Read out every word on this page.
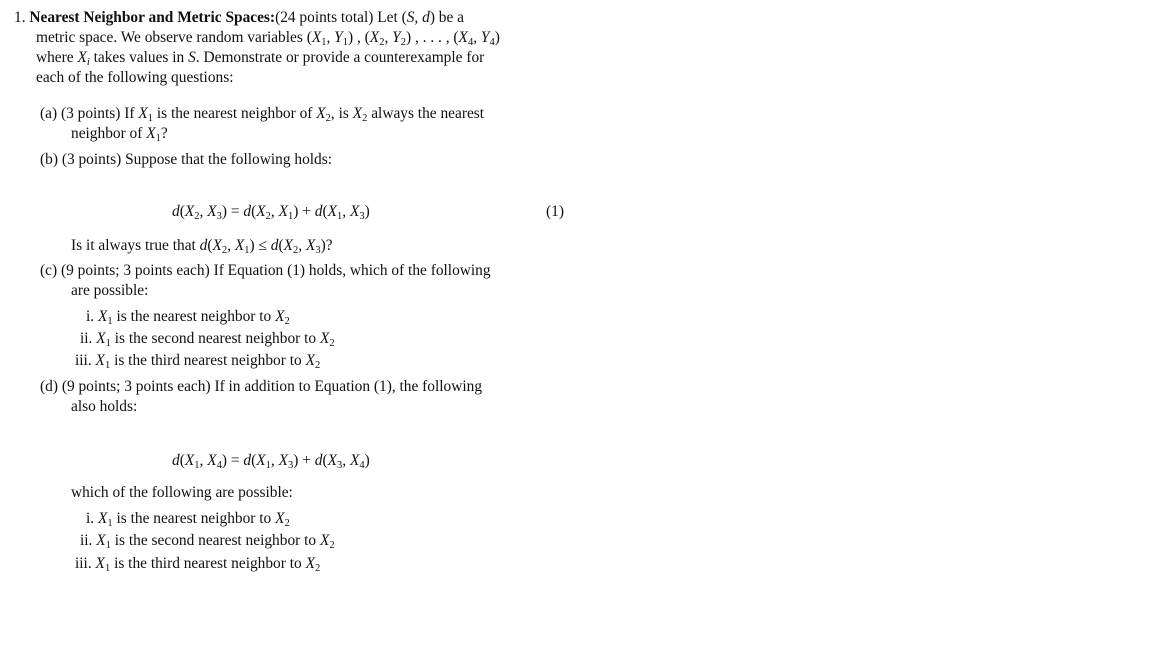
1. Nearest Neighbor and Metric Spaces:(24 points total) Let (S, d) be a
metric space. We observe random variables ($X_1$, $Y_1$) , ($X_2$, $Y_2$) , . . . , ($X_4$, $Y_4$)
where $X_i$ takes values in S. Demonstrate or provide a counterexample for
each of the following questions:
(a) (3 points) If $X_1$ is the nearest neighbor of $X_2$, is $X_2$ always the nearest
neighbor of $X_1$?
(b) (3 points) Suppose that the following holds:
$d(X_2$, $X_3) = d(X_2$, $X_1) + d(X_1$, $X_3$)	(1)
Is it always true that $d(X_2$, $X_1) \le d(X_2$, $X_3$)?
(c) (9 points; 3 points each) If Equation (1) holds, which of the following
are possible:
i. $X_1$ is the nearest neighbor to $X_2$
ii. $X_1$ is the second nearest neighbor to $X_2$
iii. $X_1$ is the third nearest neighbor to $X_2$
(d) (9 points; 3 points each) If in addition to Equation (1), the following
also holds:
$d(X_1$, $X_4) = d(X_1$, $X_3) + d(X_3$, $X_4$)
which of the following are possible:
i. $X_1$ is the nearest neighbor to $X_2$
ii. $X_1$ is the second nearest neighbor to $X_2$
iii. $X_1$ is the third nearest neighbor to $X_2$
